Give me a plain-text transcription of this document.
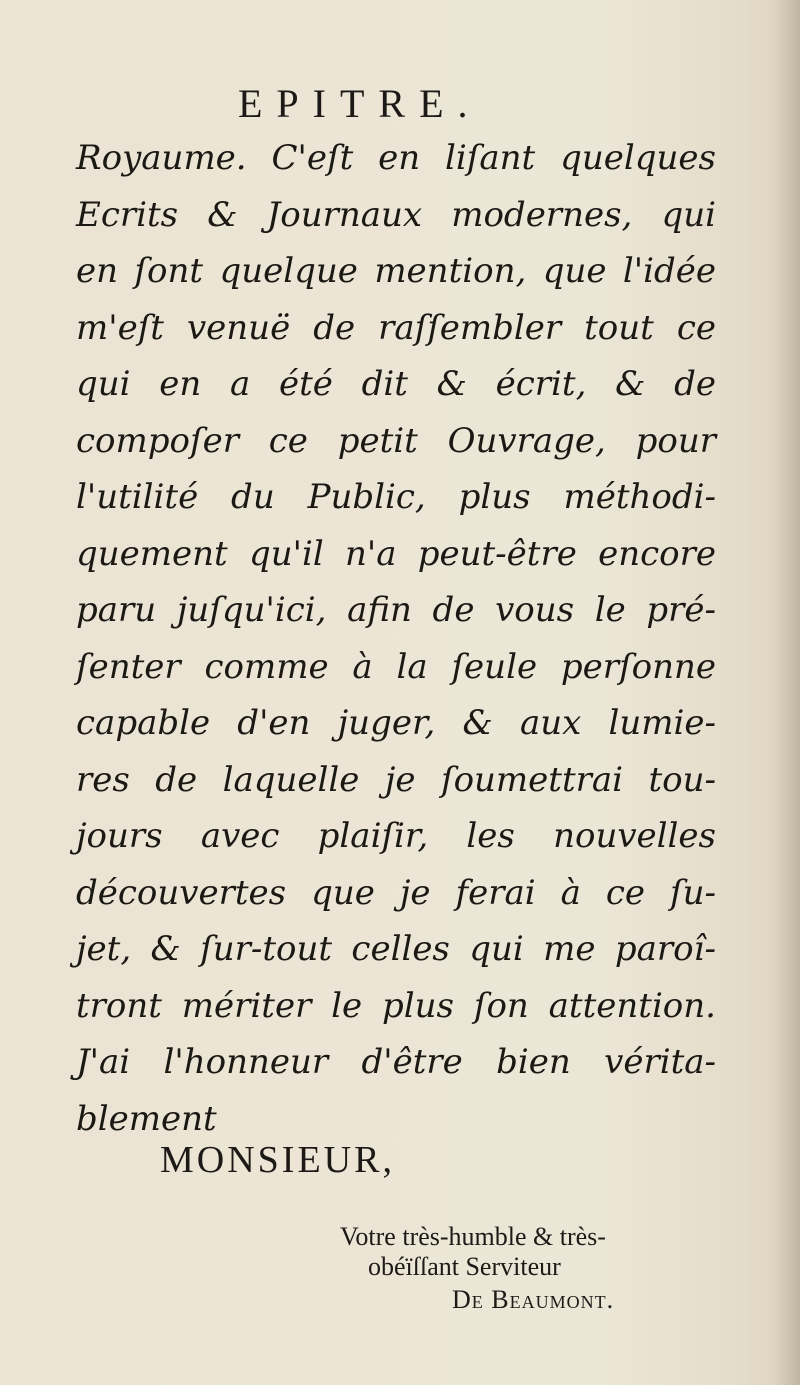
EPITRE.
Royaume. C'eſt en liſant quelques
Ecrits & Journaux modernes, qui
en ſont quelque mention, que l'idée
m'eſt venuë de raſſembler tout ce
qui en a été dit & écrit, & de
compoſer ce petit Ouvrage, pour
l'utilité du Public, plus méthodi-
quement qu'il n'a peut-être encore
paru juſqu'ici, afin de vous le pré-
ſenter comme à la ſeule perſonne
capable d'en juger, & aux lumie-
res de laquelle je ſoumettrai tou-
jours avec plaiſir, les nouvelles
découvertes que je ferai à ce ſu-
jet, & ſur-tout celles qui me paroî-
tront mériter le plus ſon attention.
J'ai l'honneur d'être bien vérita-
blement
MONSIEUR,
Votre très-humble & très-
obéïſſant Serviteur
De Beaumont.
